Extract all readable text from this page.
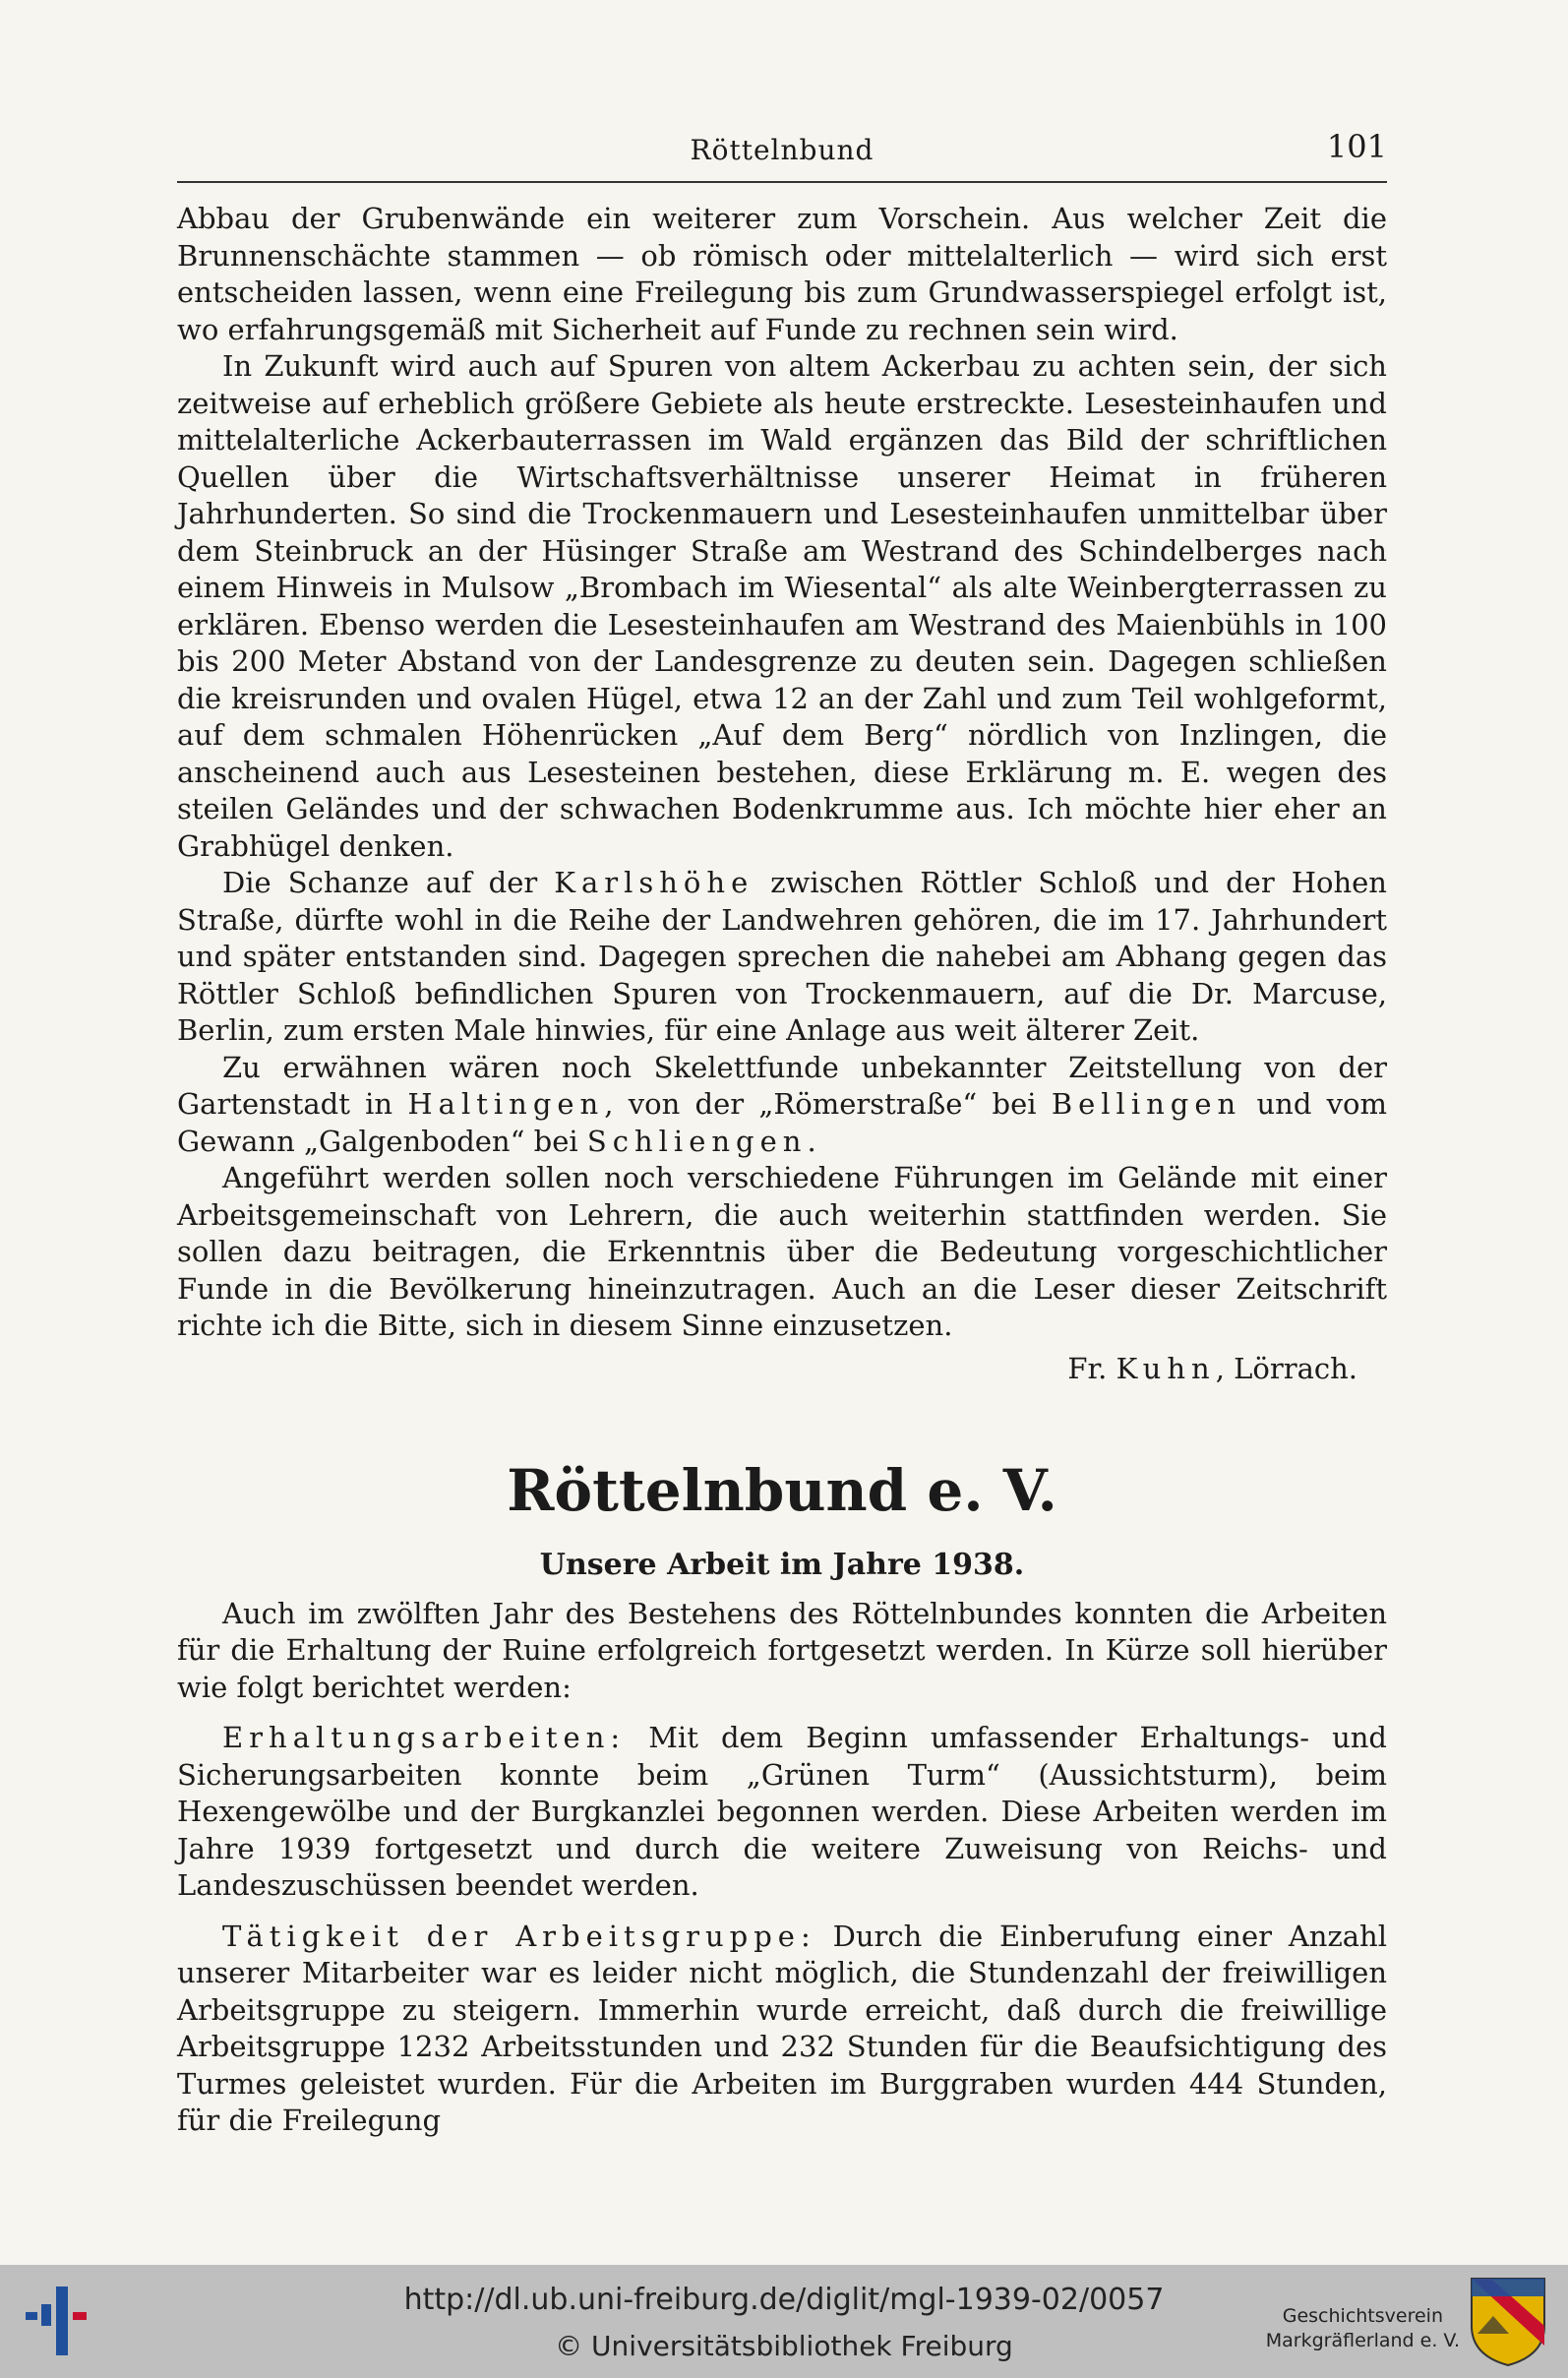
Röttelnbund	101

Abbau der Grubenwände ein weiterer zum Vorschein. Aus welcher Zeit die Brunnenschächte stammen — ob römisch oder mittelalterlich — wird sich erst entscheiden lassen, wenn eine Freilegung bis zum Grundwasserspiegel erfolgt ist, wo erfahrungsgemäß mit Sicherheit auf Funde zu rechnen sein wird.

In Zukunft wird auch auf Spuren von altem Ackerbau zu achten sein, der sich zeitweise auf erheblich größere Gebiete als heute erstreckte. Lesesteinhaufen und mittelalterliche Ackerbauterrassen im Wald ergänzen das Bild der schriftlichen Quellen über die Wirtschaftsverhältnisse unserer Heimat in früheren Jahrhunderten. So sind die Trockenmauern und Lesesteinhaufen unmittelbar über dem Steinbruck an der Hüsinger Straße am Westrand des Schindelberges nach einem Hinweis in Mulsow „Brombach im Wiesental“ als alte Weinbergterrassen zu erklären. Ebenso werden die Lesesteinhaufen am Westrand des Maienbühls in 100 bis 200 Meter Abstand von der Landesgrenze zu deuten sein. Dagegen schließen die kreisrunden und ovalen Hügel, etwa 12 an der Zahl und zum Teil wohlgeformt, auf dem schmalen Höhenrücken „Auf dem Berg“ nördlich von Inzlingen, die anscheinend auch aus Lesesteinen bestehen, diese Erklärung m. E. wegen des steilen Geländes und der schwachen Bodenkrumme aus. Ich möchte hier eher an Grabhügel denken.

Die Schanze auf der Karlshöhe zwischen Röttler Schloß und der Hohen Straße, dürfte wohl in die Reihe der Landwehren gehören, die im 17. Jahrhundert und später entstanden sind. Dagegen sprechen die nahebei am Abhang gegen das Röttler Schloß befindlichen Spuren von Trockenmauern, auf die Dr. Marcuse, Berlin, zum ersten Male hinwies, für eine Anlage aus weit älterer Zeit.

Zu erwähnen wären noch Skelettfunde unbekannter Zeitstellung von der Gartenstadt in Haltingen, von der „Römerstraße“ bei Bellingen und vom Gewann „Galgenboden“ bei Schliengen.

Angeführt werden sollen noch verschiedene Führungen im Gelände mit einer Arbeitsgemeinschaft von Lehrern, die auch weiterhin stattfinden werden. Sie sollen dazu beitragen, die Erkenntnis über die Bedeutung vorgeschichtlicher Funde in die Bevölkerung hineinzutragen. Auch an die Leser dieser Zeitschrift richte ich die Bitte, sich in diesem Sinne einzusetzen.

Fr. Kuhn, Lörrach.
Röttelnbund e. V.
Unsere Arbeit im Jahre 1938.

Auch im zwölften Jahr des Bestehens des Röttelnbundes konnten die Arbeiten für die Erhaltung der Ruine erfolgreich fortgesetzt werden. In Kürze soll hierüber wie folgt berichtet werden:

Erhaltungsarbeiten: Mit dem Beginn umfassender Erhaltungs- und Sicherungsarbeiten konnte beim „Grünen Turm“ (Aussichtsturm), beim Hexengewölbe und der Burgkanzlei begonnen werden. Diese Arbeiten werden im Jahre 1939 fortgesetzt und durch die weitere Zuweisung von Reichs- und Landeszuschüssen beendet werden.

Tätigkeit der Arbeitsgruppe: Durch die Einberufung einer Anzahl unserer Mitarbeiter war es leider nicht möglich, die Stundenzahl der freiwilligen Arbeitsgruppe zu steigern. Immerhin wurde erreicht, daß durch die freiwillige Arbeitsgruppe 1232 Arbeitsstunden und 232 Stunden für die Beaufsichtigung des Turmes geleistet wurden. Für die Arbeiten im Burggraben wurden 444 Stunden, für die Freilegung

http://dl.ub.uni-freiburg.de/diglit/mgl-1939-02/0057
© Universitätsbibliothek Freiburg
Geschichtsverein
Markgräflerland e. V.
